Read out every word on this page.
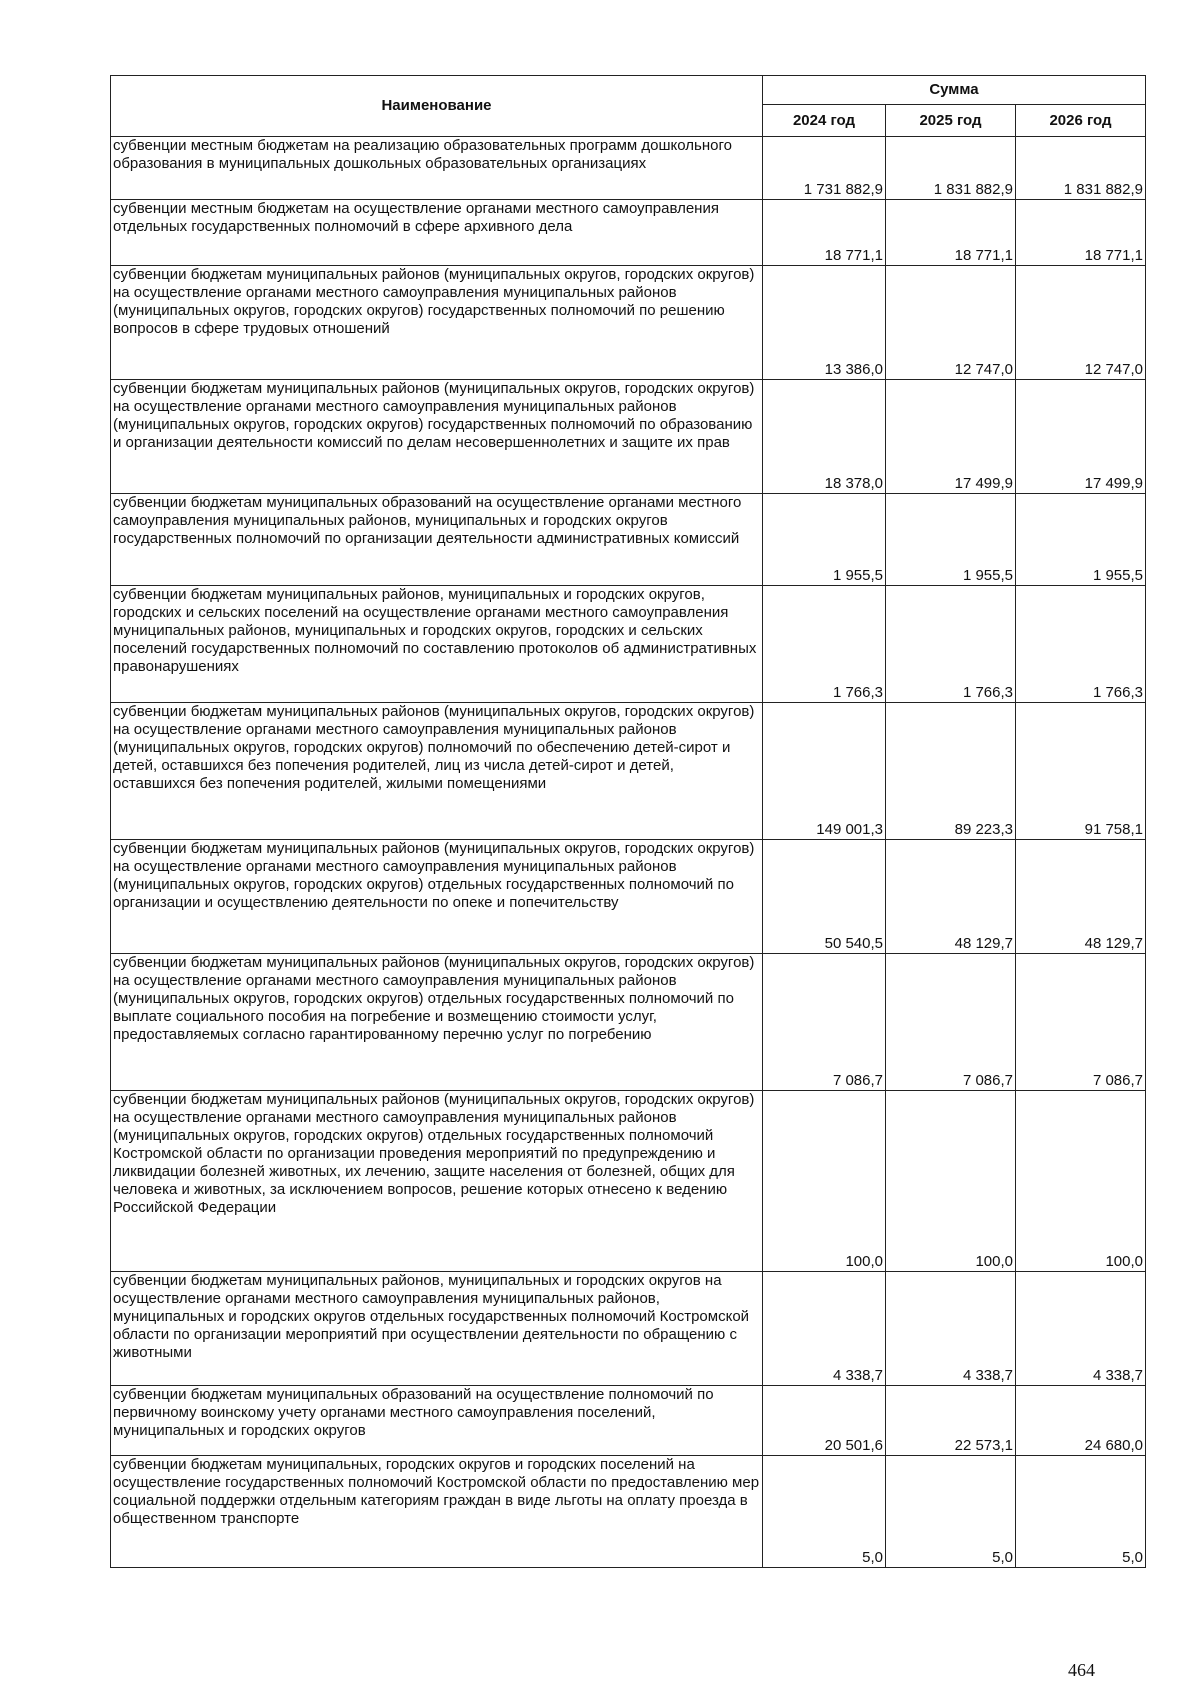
Наименование	Сумма		
	2024 год	2025 год	2026 год
субвенции местным бюджетам на реализацию образовательных программ дошкольного образования в муниципальных дошкольных образовательных организациях	1 731 882,9	1 831 882,9	1 831 882,9
субвенции местным бюджетам на осуществление органами местного самоуправления отдельных государственных полномочий в сфере архивного дела	18 771,1	18 771,1	18 771,1
субвенции бюджетам муниципальных районов (муниципальных округов, городских округов) на осуществление органами местного самоуправления муниципальных районов (муниципальных округов, городских округов) государственных полномочий по решению вопросов в сфере трудовых отношений	13 386,0	12 747,0	12 747,0
субвенции бюджетам муниципальных районов (муниципальных округов, городских округов) на осуществление органами местного самоуправления муниципальных районов (муниципальных округов, городских округов) государственных полномочий по образованию и организации деятельности комиссий по делам несовершеннолетних и защите их прав	18 378,0	17 499,9	17 499,9
субвенции бюджетам муниципальных образований на осуществление органами местного самоуправления муниципальных районов, муниципальных и городских округов государственных полномочий по организации деятельности административных комиссий	1 955,5	1 955,5	1 955,5
субвенции бюджетам муниципальных районов, муниципальных и городских округов, городских и сельских поселений на осуществление органами местного самоуправления муниципальных районов, муниципальных и городских округов, городских и сельских поселений государственных полномочий по составлению протоколов об административных правонарушениях	1 766,3	1 766,3	1 766,3
субвенции бюджетам муниципальных районов (муниципальных округов, городских округов) на осуществление органами местного самоуправления муниципальных районов (муниципальных округов, городских округов) полномочий по обеспечению детей-сирот и детей, оставшихся без попечения родителей, лиц из числа детей-сирот и детей, оставшихся без попечения родителей, жилыми помещениями	149 001,3	89 223,3	91 758,1
субвенции бюджетам муниципальных районов (муниципальных округов, городских округов) на осуществление органами местного самоуправления муниципальных районов (муниципальных округов, городских округов) отдельных государственных полномочий по организации и осуществлению деятельности по опеке и попечительству	50 540,5	48 129,7	48 129,7
субвенции бюджетам муниципальных районов (муниципальных округов, городских округов) на осуществление органами местного самоуправления муниципальных районов (муниципальных округов, городских округов) отдельных государственных полномочий по выплате социального пособия на погребение и возмещению стоимости услуг, предоставляемых согласно гарантированному перечню услуг по погребению	7 086,7	7 086,7	7 086,7
субвенции бюджетам муниципальных районов (муниципальных округов, городских округов) на осуществление органами местного самоуправления муниципальных районов (муниципальных округов, городских округов) отдельных государственных полномочий Костромской области по организации проведения мероприятий по предупреждению и ликвидации болезней животных, их лечению, защите населения от болезней, общих для человека и животных, за исключением вопросов, решение которых отнесено к ведению Российской Федерации	100,0	100,0	100,0
субвенции бюджетам муниципальных районов, муниципальных и городских округов на осуществление органами местного самоуправления муниципальных районов, муниципальных и городских округов отдельных государственных полномочий Костромской области по организации мероприятий при осуществлении деятельности по обращению с животными	4 338,7	4 338,7	4 338,7
субвенции бюджетам муниципальных образований на осуществление полномочий по первичному воинскому учету органами местного самоуправления поселений, муниципальных и городских округов	20 501,6	22 573,1	24 680,0
субвенции бюджетам муниципальных, городских округов и городских поселений на осуществление государственных полномочий Костромской области по предоставлению мер социальной поддержки отдельным категориям граждан в виде льготы на оплату проезда в общественном транспорте	5,0	5,0	5,0
464
